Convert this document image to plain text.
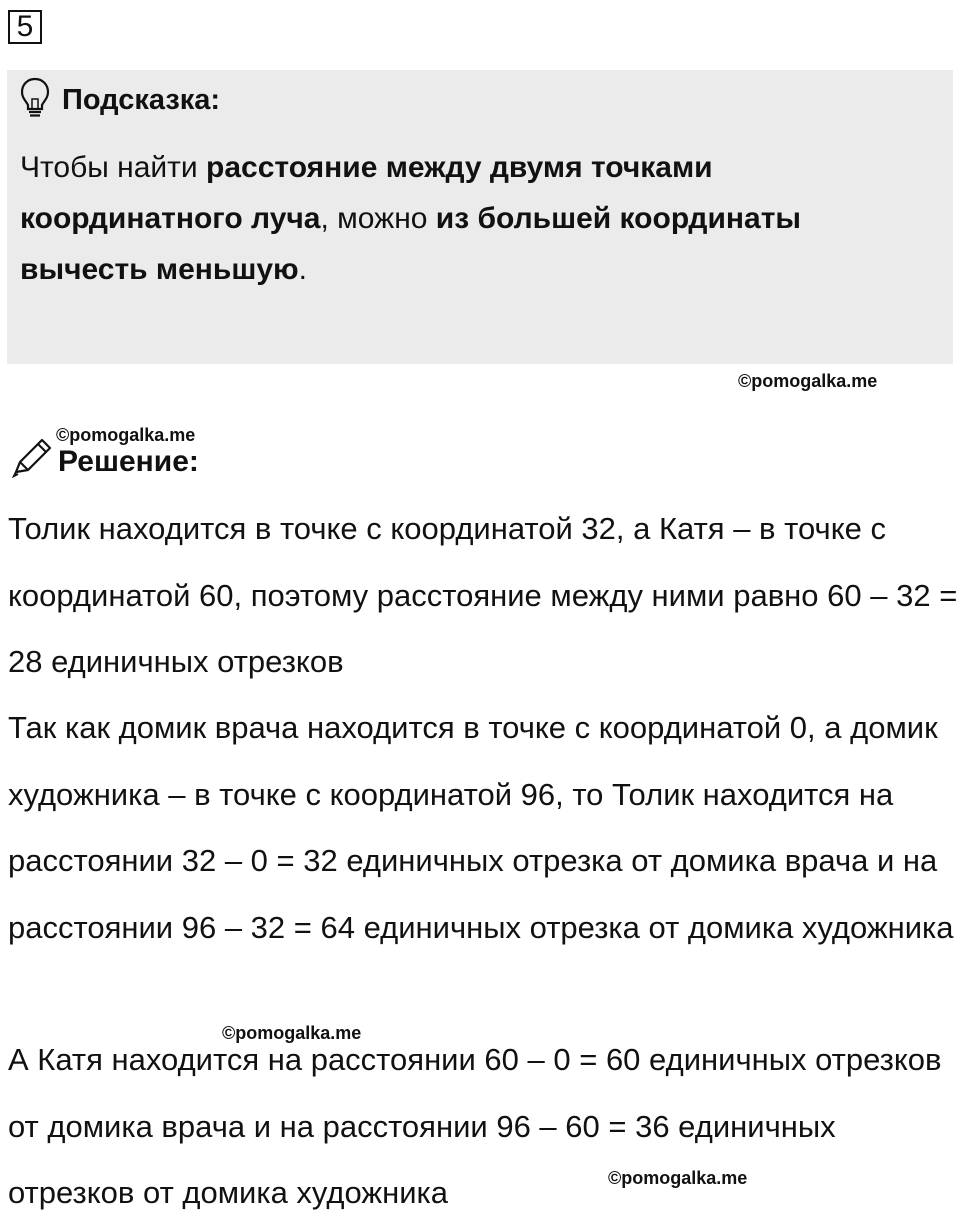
5
Подсказка:
Чтобы найти расстояние между двумя точками координатного луча, можно из большей координаты вычесть меньшую.
©pomogalka.me
©pomogalka.me
Решение:
Толик находится в точке с координатой 32, а Катя – в точке с координатой 60, поэтому расстояние между ними равно 60 – 32 = 28 единичных отрезков
Так как домик врача находится в точке с координатой 0, а домик художника – в точке с координатой 96, то Толик находится на расстоянии 32 – 0 = 32 единичных отрезка от домика врача и на расстоянии 96 – 32 = 64 единичных отрезка от домика художника
А Катя находится на расстоянии 60 – 0 = 60 единичных отрезков от домика врача и на расстоянии 96 – 60 = 36 единичных отрезков от домика художника
©pomogalka.me
©pomogalka.me
